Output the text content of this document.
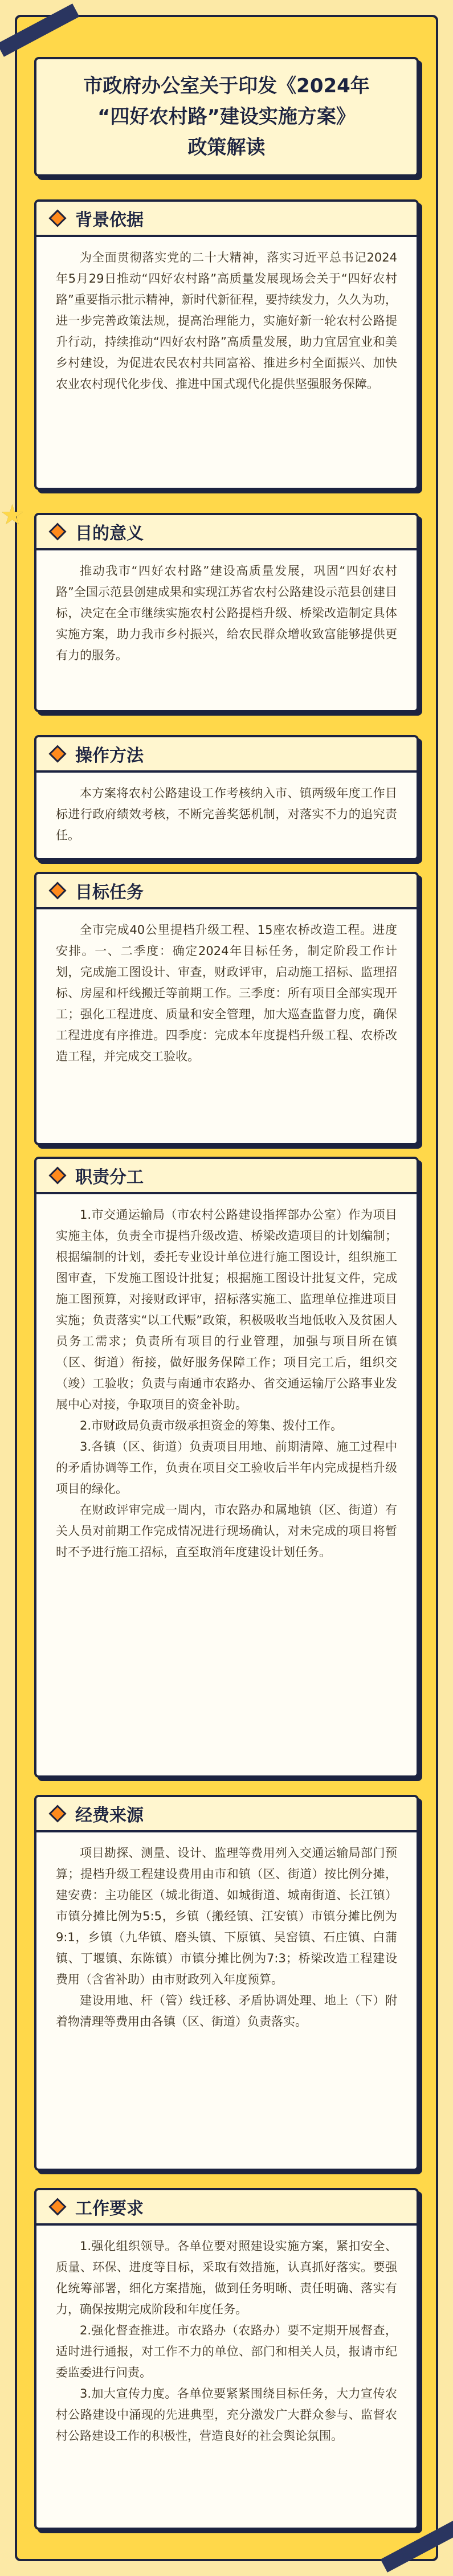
★
市政府办公室关于印发《2024年
“四好农村路”建设实施方案》
政策解读
背景依据

为全面贯彻落实党的二十大精神，落实习近平总书记2024年5月29日推动“四好农村路”高质量发展现场会关于“四好农村路”重要指示批示精神，新时代新征程，要持续发力，久久为功，进一步完善政策法规，提高治理能力，实施好新一轮农村公路提升行动，持续推动“四好农村路”高质量发展，助力宜居宜业和美乡村建设，为促进农民农村共同富裕、推进乡村全面振兴、加快农业农村现代化步伐、推进中国式现代化提供坚强服务保障。

目的意义

推动我市“四好农村路”建设高质量发展，巩固“四好农村路”全国示范县创建成果和实现江苏省农村公路建设示范县创建目标，决定在全市继续实施农村公路提档升级、桥梁改造制定具体实施方案，助力我市乡村振兴，给农民群众增收致富能够提供更有力的服务。

操作方法

本方案将农村公路建设工作考核纳入市、镇两级年度工作目标进行政府绩效考核，不断完善奖惩机制，对落实不力的追究责任。

目标任务

全市完成40公里提档升级工程、15座农桥改造工程。进度安排。一、二季度：确定2024年目标任务，制定阶段工作计划，完成施工图设计、审查，财政评审，启动施工招标、监理招标、房屋和杆线搬迁等前期工作。三季度：所有项目全部实现开工；强化工程进度、质量和安全管理，加大巡查监督力度，确保工程进度有序推进。四季度：完成本年度提档升级工程、农桥改造工程，并完成交工验收。

职责分工

1.市交通运输局（市农村公路建设指挥部办公室）作为项目实施主体，负责全市提档升级改造、桥梁改造项目的计划编制；根据编制的计划，委托专业设计单位进行施工图设计，组织施工图审查，下发施工图设计批复；根据施工图设计批复文件，完成施工图预算，对接财政评审，招标落实施工、监理单位推进项目实施；负责落实“以工代赈”政策，积极吸收当地低收入及贫困人员务工需求；负责所有项目的行业管理，加强与项目所在镇（区、街道）衔接，做好服务保障工作；项目完工后，组织交（竣）工验收；负责与南通市农路办、省交通运输厅公路事业发展中心对接，争取项目的资金补助。

2.市财政局负责市级承担资金的筹集、拨付工作。

3.各镇（区、街道）负责项目用地、前期清障、施工过程中的矛盾协调等工作，负责在项目交工验收后半年内完成提档升级项目的绿化。

在财政评审完成一周内，市农路办和属地镇（区、街道）有关人员对前期工作完成情况进行现场确认，对未完成的项目将暂时不予进行施工招标，直至取消年度建设计划任务。

经费来源

项目勘探、测量、设计、监理等费用列入交通运输局部门预算；提档升级工程建设费用由市和镇（区、街道）按比例分摊，建安费：主功能区（城北街道、如城街道、城南街道、长江镇）市镇分摊比例为5:5，乡镇（搬经镇、江安镇）市镇分摊比例为9:1，乡镇（九华镇、磨头镇、下原镇、吴窑镇、石庄镇、白蒲镇、丁堰镇、东陈镇）市镇分摊比例为7:3；桥梁改造工程建设费用（含省补助）由市财政列入年度预算。

建设用地、杆（管）线迁移、矛盾协调处理、地上（下）附着物清理等费用由各镇（区、街道）负责落实。

工作要求

1.强化组织领导。各单位要对照建设实施方案，紧扣安全、质量、环保、进度等目标，采取有效措施，认真抓好落实。要强化统筹部署，细化方案措施，做到任务明晰、责任明确、落实有力，确保按期完成阶段和年度任务。

2.强化督查推进。市农路办（农路办）要不定期开展督查，适时进行通报，对工作不力的单位、部门和相关人员，报请市纪委监委进行问责。

3.加大宣传力度。各单位要紧紧围绕目标任务，大力宣传农村公路建设中涌现的先进典型，充分激发广大群众参与、监督农村公路建设工作的积极性，营造良好的社会舆论氛围。
